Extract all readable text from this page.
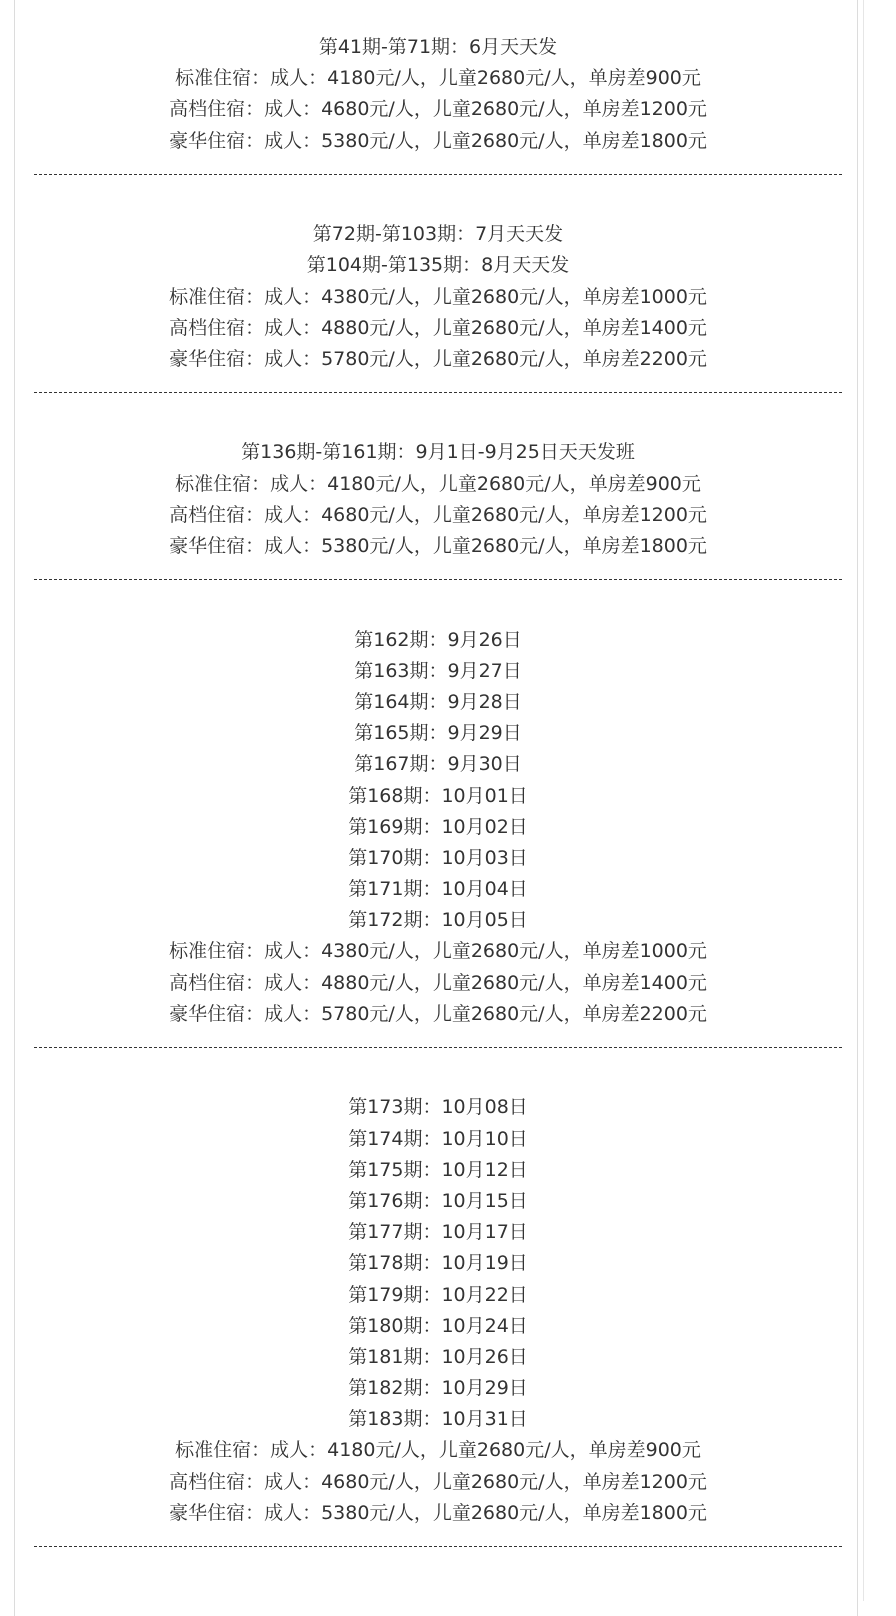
第41期-第71期：6月天天发
标准住宿：成人：4180元/人，儿童2680元/人，单房差900元
高档住宿：成人：4680元/人，儿童2680元/人，单房差1200元
豪华住宿：成人：5380元/人，儿童2680元/人，单房差1800元
第72期-第103期：7月天天发
第104期-第135期：8月天天发
标准住宿：成人：4380元/人，儿童2680元/人，单房差1000元
高档住宿：成人：4880元/人，儿童2680元/人，单房差1400元
豪华住宿：成人：5780元/人，儿童2680元/人，单房差2200元
第136期-第161期：9月1日-9月25日天天发班
标准住宿：成人：4180元/人，儿童2680元/人，单房差900元
高档住宿：成人：4680元/人，儿童2680元/人，单房差1200元
豪华住宿：成人：5380元/人，儿童2680元/人，单房差1800元
第162期：9月26日
第163期：9月27日
第164期：9月28日
第165期：9月29日
第167期：9月30日
第168期：10月01日
第169期：10月02日
第170期：10月03日
第171期：10月04日
第172期：10月05日
标准住宿：成人：4380元/人，儿童2680元/人，单房差1000元
高档住宿：成人：4880元/人，儿童2680元/人，单房差1400元
豪华住宿：成人：5780元/人，儿童2680元/人，单房差2200元
第173期：10月08日
第174期：10月10日
第175期：10月12日
第176期：10月15日
第177期：10月17日
第178期：10月19日
第179期：10月22日
第180期：10月24日
第181期：10月26日
第182期：10月29日
第183期：10月31日
标准住宿：成人：4180元/人，儿童2680元/人，单房差900元
高档住宿：成人：4680元/人，儿童2680元/人，单房差1200元
豪华住宿：成人：5380元/人，儿童2680元/人，单房差1800元
